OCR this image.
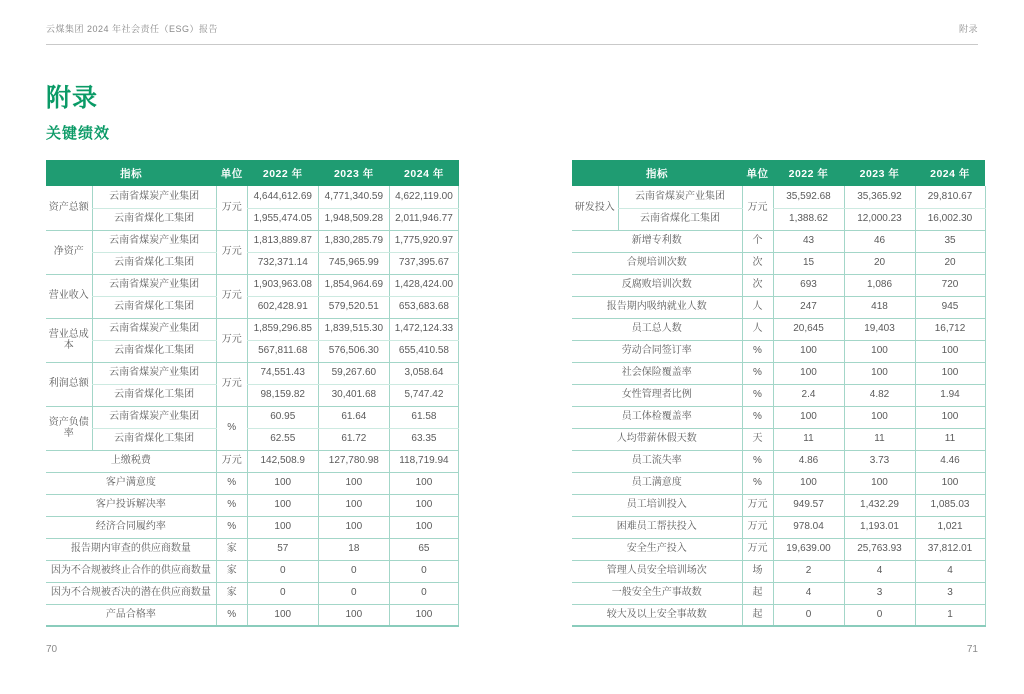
云煤集团 2024 年社会责任（ESG）报告	附录
附录
关键绩效
指标		单位	2022 年	2023 年	2024 年
资产总额	云南省煤炭产业集团	万元	4,644,612.69	4,771,340.59	4,622,119.00
	云南省煤化工集团		1,955,474.05	1,948,509.28	2,011,946.77
净资产	云南省煤炭产业集团	万元	1,813,889.87	1,830,285.79	1,775,920.97
	云南省煤化工集团		732,371.14	745,965.99	737,395.67
营业收入	云南省煤炭产业集团	万元	1,903,963.08	1,854,964.69	1,428,424.00
	云南省煤化工集团		602,428.91	579,520.51	653,683.68
营业总成本	云南省煤炭产业集团	万元	1,859,296.85	1,839,515.30	1,472,124.33
	云南省煤化工集团		567,811.68	576,506.30	655,410.58
利润总额	云南省煤炭产业集团	万元	74,551.43	59,267.60	3,058.64
	云南省煤化工集团		98,159.82	30,401.68	5,747.42
资产负债率	云南省煤炭产业集团	%	60.95	61.64	61.58
	云南省煤化工集团		62.55	61.72	63.35
上缴税费		万元	142,508.9	127,780.98	118,719.94
客户满意度		%	100	100	100
客户投诉解决率		%	100	100	100
经济合同履约率		%	100	100	100
报告期内审查的供应商数量		家	57	18	65
因为不合规被终止合作的供应商数量		家	0	0	0
因为不合规被否决的潜在供应商数量		家	0	0	0
产品合格率		%	100	100	100
指标		单位	2022 年	2023 年	2024 年
研发投入	云南省煤炭产业集团	万元	35,592.68	35,365.92	29,810.67
	云南省煤化工集团		1,388.62	12,000.23	16,002.30
新增专利数		个	43	46	35
合规培训次数		次	15	20	20
反腐败培训次数		次	693	1,086	720
报告期内吸纳就业人数		人	247	418	945
员工总人数		人	20,645	19,403	16,712
劳动合同签订率		%	100	100	100
社会保险覆盖率		%	100	100	100
女性管理者比例		%	2.4	4.82	1.94
员工体检覆盖率		%	100	100	100
人均带薪休假天数		天	11	11	11
员工流失率		%	4.86	3.73	4.46
员工满意度		%	100	100	100
员工培训投入		万元	949.57	1,432.29	1,085.03
困难员工帮扶投入		万元	978.04	1,193.01	1,021
安全生产投入		万元	19,639.00	25,763.93	37,812.01
管理人员安全培训场次		场	2	4	4
一般安全生产事故数		起	4	3	3
较大及以上安全事故数		起	0	0	1
70	71
